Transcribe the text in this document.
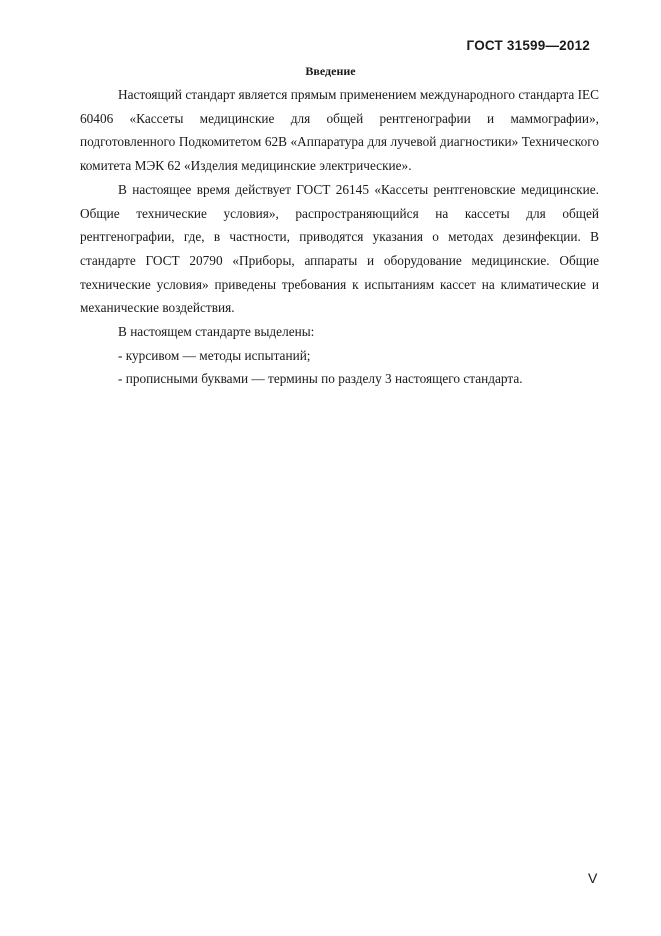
ГОСТ 31599—2012
Введение

Настоящий стандарт является прямым применением международного стандарта IEC 60406 «Кассеты медицинские для общей рентгенографии и маммографии», подготовленного Подкомитетом 62В «Аппаратура для лучевой диагностики» Технического комитета МЭК 62 «Изделия медицинские электрические».

В настоящее время действует ГОСТ 26145 «Кассеты рентгеновские медицинские. Общие технические условия», распространяющийся на кассеты для общей рентгенографии, где, в частности, приводятся указания о методах дезинфекции. В стандарте ГОСТ 20790 «Приборы, аппараты и оборудование медицинские. Общие технические условия» приведены требования к испытаниям кассет на климатические и механические воздействия.

В настоящем стандарте выделены:

- курсивом — методы испытаний;

- прописными буквами — термины по разделу 3 настоящего стандарта.

V
